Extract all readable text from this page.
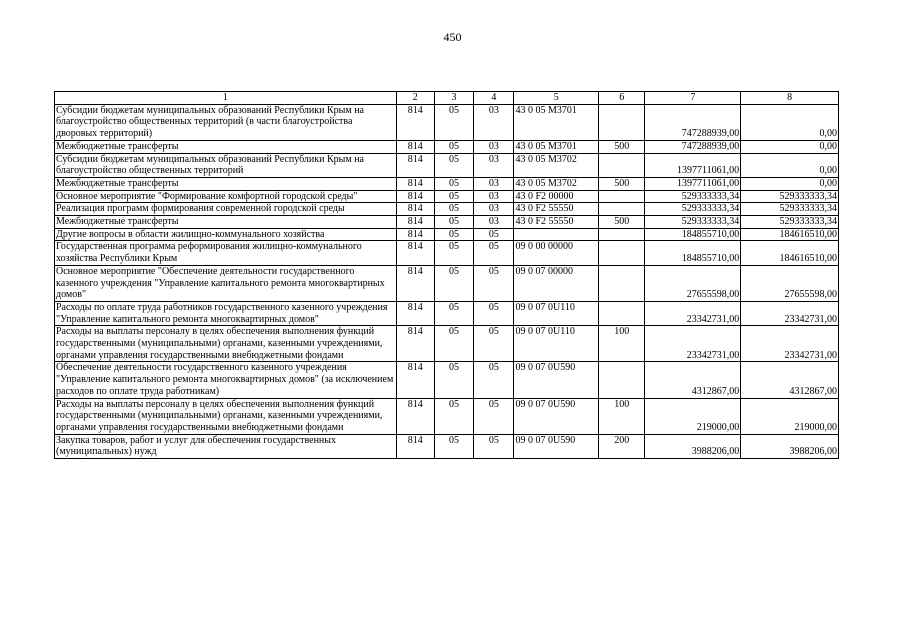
450
1	2	3	4	5	6	7	8
Субсидии бюджетам муниципальных образований Республики Крым на благоустройство общественных территорий (в части благоустройства дворовых территорий)	814	05	03	43 0 05 M3701		747288939,00	0,00
Межбюджетные трансферты	814	05	03	43 0 05 M3701	500	747288939,00	0,00
Субсидии бюджетам муниципальных образований Республики Крым на благоустройство общественных территорий	814	05	03	43 0 05 M3702		1397711061,00	0,00
Межбюджетные трансферты	814	05	03	43 0 05 M3702	500	1397711061,00	0,00
Основное мероприятие "Формирование комфортной городской среды"	814	05	03	43 0 F2 00000		529333333,34	529333333,34
Реализация программ формирования современной городской среды	814	05	03	43 0 F2 55550		529333333,34	529333333,34
Межбюджетные трансферты	814	05	03	43 0 F2 55550	500	529333333,34	529333333,34
Другие вопросы в области жилищно-коммунального хозяйства	814	05	05			184855710,00	184616510,00
Государственная программа реформирования жилищно-коммунального хозяйства Республики Крым	814	05	05	09 0 00 00000		184855710,00	184616510,00
Основное мероприятие "Обеспечение деятельности государственного казенного учреждения "Управление капитального ремонта многоквартирных домов"	814	05	05	09 0 07 00000		27655598,00	27655598,00
Расходы по оплате труда работников государственного казенного учреждения "Управление капитального ремонта многоквартирных домов"	814	05	05	09 0 07 0U110		23342731,00	23342731,00
Расходы на выплаты персоналу в целях обеспечения выполнения функций государственными (муниципальными) органами, казенными учреждениями, органами управления государственными внебюджетными фондами	814	05	05	09 0 07 0U110	100	23342731,00	23342731,00
Обеспечение деятельности государственного казенного учреждения "Управление капитального ремонта многоквартирных домов" (за исключением расходов по оплате труда работникам)	814	05	05	09 0 07 0U590		4312867,00	4312867,00
Расходы на выплаты персоналу в целях обеспечения выполнения функций государственными (муниципальными) органами, казенными учреждениями, органами управления государственными внебюджетными фондами	814	05	05	09 0 07 0U590	100	219000,00	219000,00
Закупка товаров, работ и услуг для обеспечения государственных (муниципальных) нужд	814	05	05	09 0 07 0U590	200	3988206,00	3988206,00
